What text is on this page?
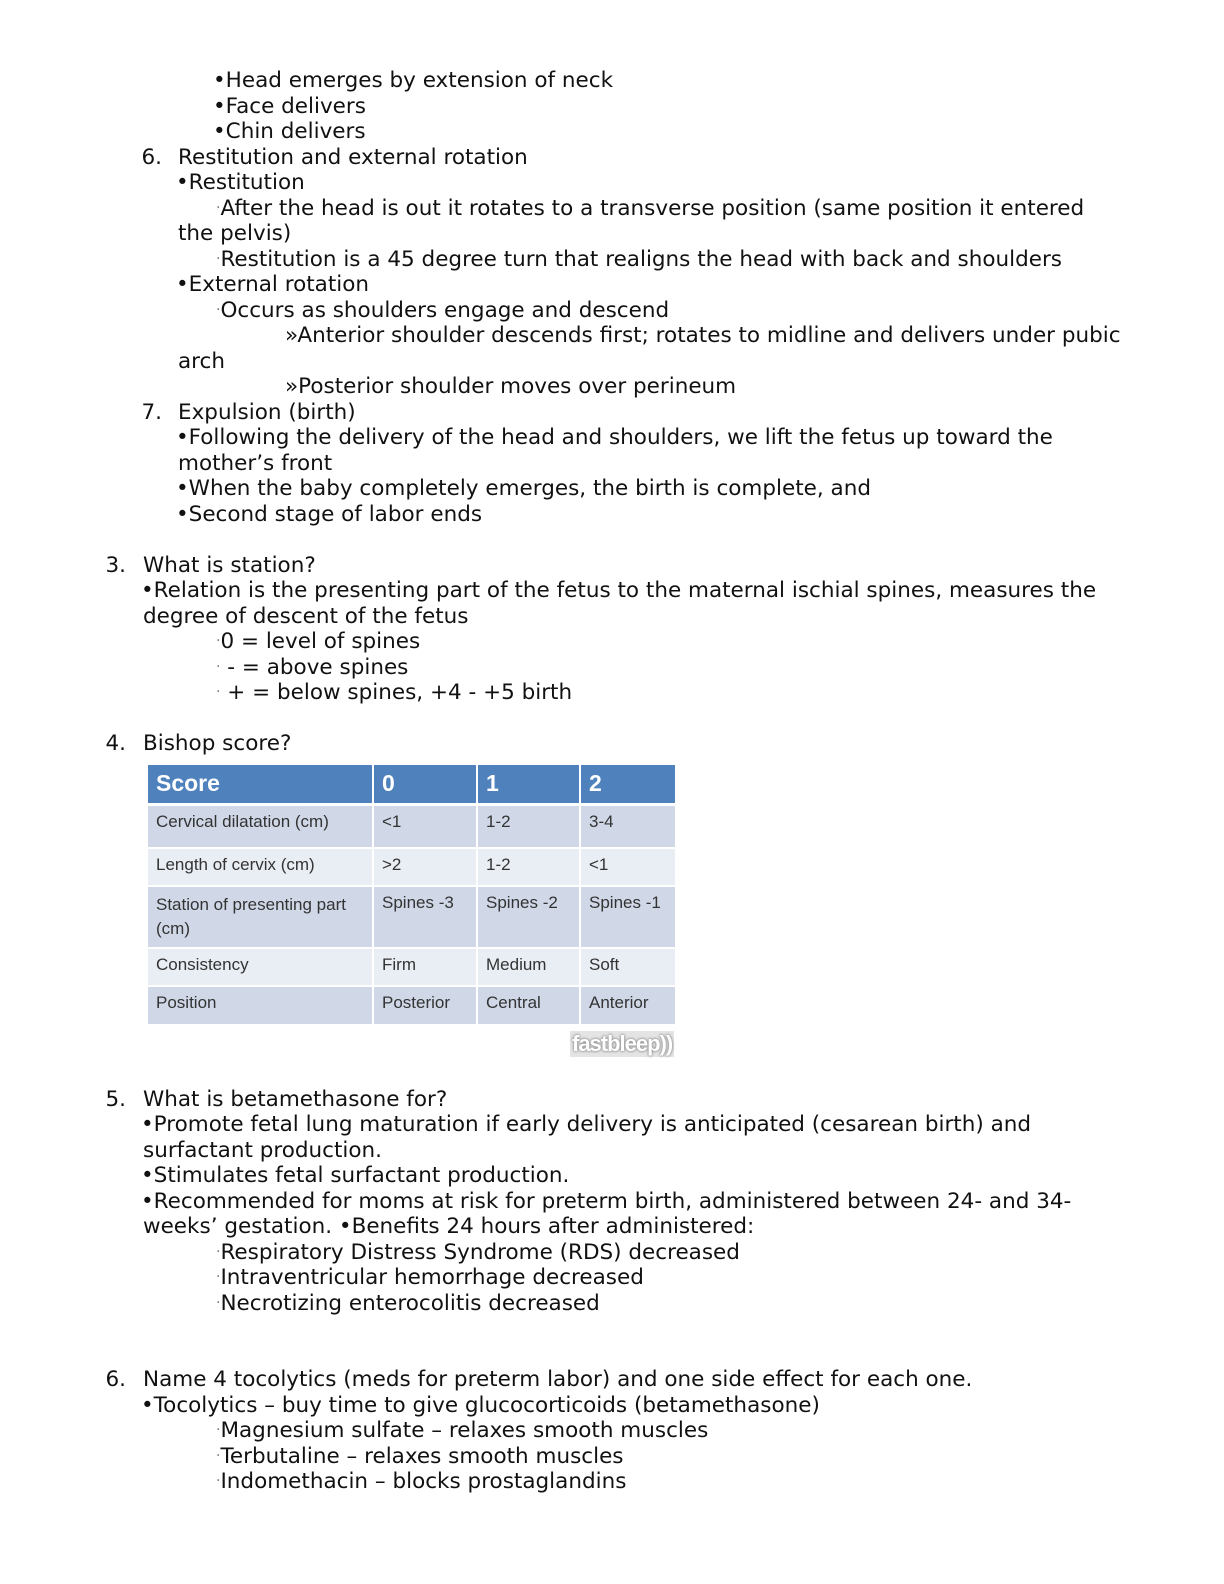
•Head emerges by extension of neck
•Face delivers
•Chin delivers
6. Restitution and external rotation
•Restitution
·After the head is out it rotates to a transverse position (same position it entered
the pelvis)
·Restitution is a 45 degree turn that realigns the head with back and shoulders
•External rotation
·Occurs as shoulders engage and descend
»Anterior shoulder descends first; rotates to midline and delivers under pubic
arch
»Posterior shoulder moves over perineum
7. Expulsion (birth)
•Following the delivery of the head and shoulders, we lift the fetus up toward the
mother’s front
•When the baby completely emerges, the birth is complete, and
•Second stage of labor ends
3. What is station?
•Relation is the presenting part of the fetus to the maternal ischial spines, measures the
degree of descent of the fetus
·0 = level of spines
· - = above spines
· + = below spines, +4 - +5 birth
4. Bishop score?
Score	0	1	2
Cervical dilatation (cm)	<1	1-2	3-4
Length of cervix (cm)	>2	1-2	<1
Station of presenting part (cm)	Spines -3	Spines -2	Spines -1
Consistency	Firm	Medium	Soft
Position	Posterior	Central	Anterior
fastbleep))
5. What is betamethasone for?
•Promote fetal lung maturation if early delivery is anticipated (cesarean birth) and
surfactant production.
•Stimulates fetal surfactant production.
•Recommended for moms at risk for preterm birth, administered between 24- and 34-
weeks’ gestation. •Benefits 24 hours after administered:
·Respiratory Distress Syndrome (RDS) decreased
·Intraventricular hemorrhage decreased
·Necrotizing enterocolitis decreased
6. Name 4 tocolytics (meds for preterm labor) and one side effect for each one.
•Tocolytics – buy time to give glucocorticoids (betamethasone)
·Magnesium sulfate – relaxes smooth muscles
·Terbutaline – relaxes smooth muscles
·Indomethacin – blocks prostaglandins
